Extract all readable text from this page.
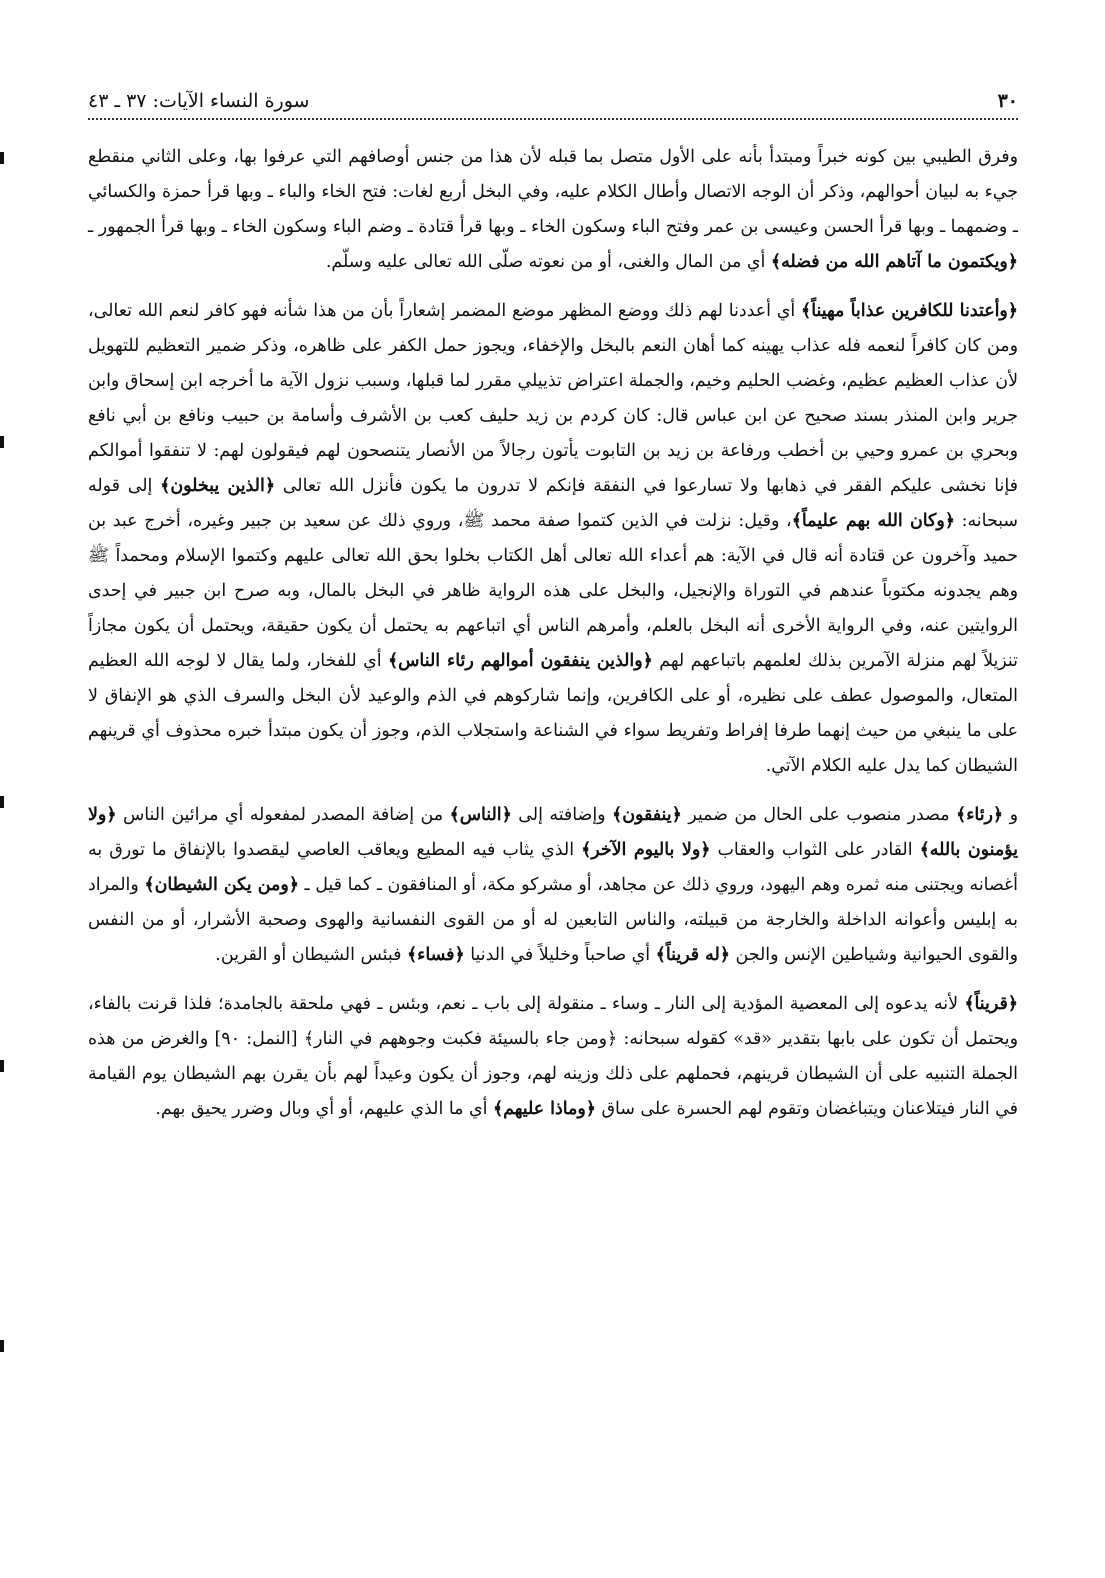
٣٠
سورة النساء الآيات: ٣٧ ـ ٤٣

وفرق الطيبي بين كونه خبراً ومبتدأ بأنه على الأول متصل بما قبله لأن هذا من جنس أوصافهم التي عرفوا بها، وعلى الثاني منقطع جيء به لبيان أحوالهم، وذكر أن الوجه الاتصال وأطال الكلام عليه، وفي البخل أربع لغات: فتح الخاء والباء ـ وبها قرأ حمزة والكسائي ـ وضمهما ـ وبها قرأ الحسن وعيسى بن عمر وفتح الباء وسكون الخاء ـ وبها قرأ قتادة ـ وضم الباء وسكون الخاء ـ وبها قرأ الجمهور ـ ﴿ويكتمون ما آتاهم الله من فضله﴾ أي من المال والغنى، أو من نعوته صلّى الله تعالى عليه وسلّم.

﴿وأعتدنا للكافرين عذاباً مهيناً﴾ أي أعددنا لهم ذلك ووضع المظهر موضع المضمر إشعاراً بأن من هذا شأنه فهو كافر لنعم الله تعالى، ومن كان كافراً لنعمه فله عذاب يهينه كما أهان النعم بالبخل والإخفاء، ويجوز حمل الكفر على ظاهره، وذكر ضمير التعظيم للتهويل لأن عذاب العظيم عظيم، وغضب الحليم وخيم، والجملة اعتراض تذييلي مقرر لما قبلها، وسبب نزول الآية ما أخرجه ابن إسحاق وابن جرير وابن المنذر بسند صحيح عن ابن عباس قال: كان كردم بن زيد حليف كعب بن الأشرف وأسامة بن حبيب ونافع بن أبي نافع وبحري بن عمرو وحيي بن أخطب ورفاعة بن زيد بن التابوت يأتون رجالاً من الأنصار يتنصحون لهم فيقولون لهم: لا تنفقوا أموالكم فإنا نخشى عليكم الفقر في ذهابها ولا تسارعوا في النفقة فإنكم لا تدرون ما يكون فأنزل الله تعالى ﴿الذين يبخلون﴾ إلى قوله سبحانه: ﴿وكان الله بهم عليماً﴾، وقيل: نزلت في الذين كتموا صفة محمد ﷺ، وروي ذلك عن سعيد بن جبير وغيره، أخرج عبد بن حميد وآخرون عن قتادة أنه قال في الآية: هم أعداء الله تعالى أهل الكتاب بخلوا بحق الله تعالى عليهم وكتموا الإسلام ومحمداً ﷺ وهم يجدونه مكتوباً عندهم في التوراة والإنجيل، والبخل على هذه الرواية ظاهر في البخل بالمال، وبه صرح ابن جبير في إحدى الروايتين عنه، وفي الرواية الأخرى أنه البخل بالعلم، وأمرهم الناس أي اتباعهم به يحتمل أن يكون حقيقة، ويحتمل أن يكون مجازاً تنزيلاً لهم منزلة الآمرين بذلك لعلمهم باتباعهم لهم ﴿والذين ينفقون أموالهم رئاء الناس﴾ أي للفخار، ولما يقال لا لوجه الله العظيم المتعال، والموصول عطف على نظيره، أو على الكافرين، وإنما شاركوهم في الذم والوعيد لأن البخل والسرف الذي هو الإنفاق لا على ما ينبغي من حيث إنهما طرفا إفراط وتفريط سواء في الشناعة واستجلاب الذم، وجوز أن يكون مبتدأ خبره محذوف أي قرينهم الشيطان كما يدل عليه الكلام الآتي.

و ﴿رئاء﴾ مصدر منصوب على الحال من ضمير ﴿ينفقون﴾ وإضافته إلى ﴿الناس﴾ من إضافة المصدر لمفعوله أي مرائين الناس ﴿ولا يؤمنون بالله﴾ القادر على الثواب والعقاب ﴿ولا باليوم الآخر﴾ الذي يثاب فيه المطيع ويعاقب العاصي ليقصدوا بالإنفاق ما تورق به أغصانه ويجتنى منه ثمره وهم اليهود، وروي ذلك عن مجاهد، أو مشركو مكة، أو المنافقون ـ كما قيل ـ ﴿ومن يكن الشيطان﴾ والمراد به إبليس وأعوانه الداخلة والخارجة من قبيلته، والناس التابعين له أو من القوى النفسانية والهوى وصحبة الأشرار، أو من النفس والقوى الحيوانية وشياطين الإنس والجن ﴿له قريناً﴾ أي صاحباً وخليلاً في الدنيا ﴿فساء﴾ فبئس الشيطان أو القرين.

﴿قريناً﴾ لأنه يدعوه إلى المعصية المؤدية إلى النار ـ وساء ـ منقولة إلى باب ـ نعم، وبئس ـ فهي ملحقة بالجامدة؛ فلذا قرنت بالفاء، ويحتمل أن تكون على بابها بتقدير «قد» كقوله سبحانه: ﴿ومن جاء بالسيئة فكبت وجوههم في النار﴾ [النمل: ٩٠] والغرض من هذه الجملة التنبيه على أن الشيطان قرينهم، فحملهم على ذلك وزينه لهم، وجوز أن يكون وعيداً لهم بأن يقرن بهم الشيطان يوم القيامة في النار فيتلاعنان ويتباغضان وتقوم لهم الحسرة على ساق ﴿وماذا عليهم﴾ أي ما الذي عليهم، أو أي وبال وضرر يحيق بهم.
